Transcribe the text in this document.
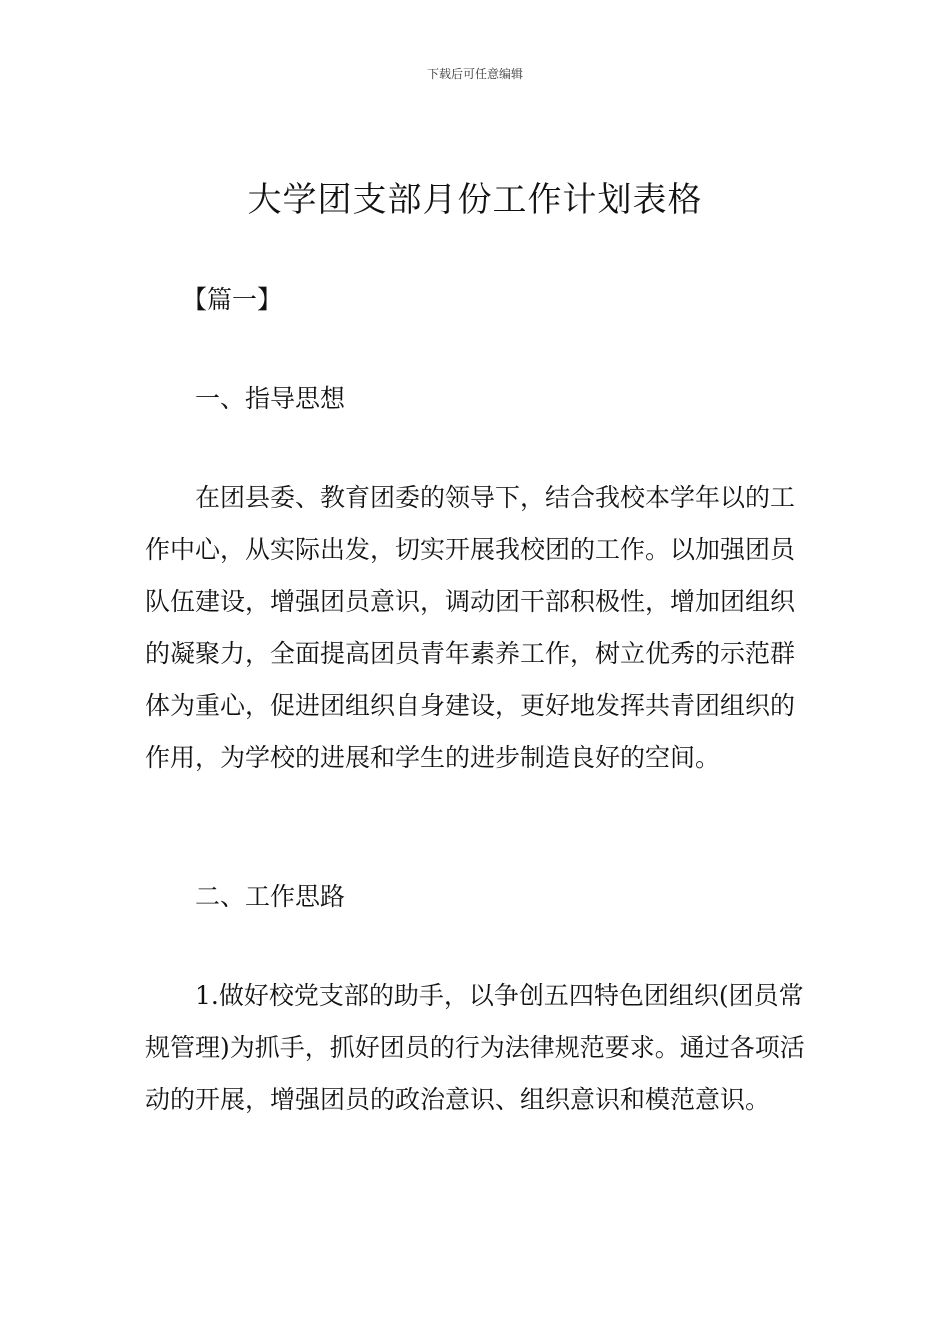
下载后可任意编辑
大学团支部月份工作计划表格

【篇一】

一、指导思想

在团县委、教育团委的领导下，结合我校本学年以的工作中心，从实际出发，切实开展我校团的工作。以加强团员队伍建设，增强团员意识，调动团干部积极性，增加团组织的凝聚力，全面提高团员青年素养工作，树立优秀的示范群体为重心，促进团组织自身建设，更好地发挥共青团组织的作用，为学校的进展和学生的进步制造良好的空间。

二、工作思路

1.做好校党支部的助手，以争创五四特色团组织(团员常规管理)为抓手，抓好团员的行为法律规范要求。通过各项活动的开展，增强团员的政治意识、组织意识和模范意识。
